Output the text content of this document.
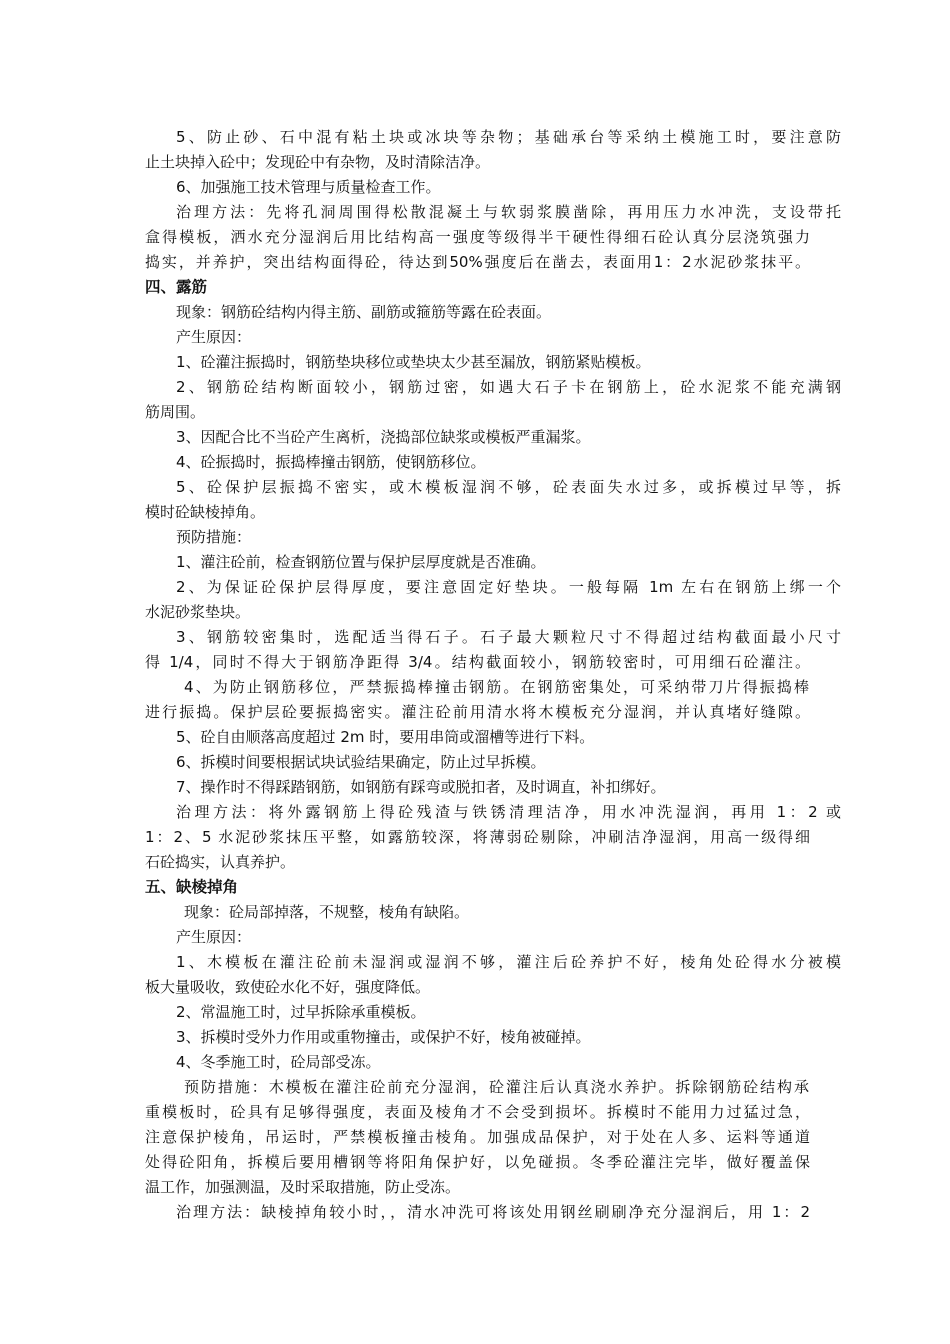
5、防止砂、石中混有粘土块或冰块等杂物；基础承台等采纳土模施工时，要注意防
止土块掉入砼中；发现砼中有杂物，及时清除洁净。
6、加强施工技术管理与质量检查工作。
治理方法：先将孔洞周围得松散混凝土与软弱浆膜凿除，再用压力水冲洗，支设带托
盒得模板，洒水充分湿润后用比结构高一强度等级得半干硬性得细石砼认真分层浇筑强力
捣实，并养护，突出结构面得砼，待达到50%强度后在凿去，表面用1：2水泥砂浆抹平。
四、露筋
现象：钢筋砼结构内得主筋、副筋或箍筋等露在砼表面。
产生原因：
1、砼灌注振捣时，钢筋垫块移位或垫块太少甚至漏放，钢筋紧贴模板。
2、钢筋砼结构断面较小，钢筋过密，如遇大石子卡在钢筋上，砼水泥浆不能充满钢
筋周围。
3、因配合比不当砼产生离析，浇捣部位缺浆或模板严重漏浆。
4、砼振捣时，振捣棒撞击钢筋，使钢筋移位。
5、砼保护层振捣不密实，或木模板湿润不够，砼表面失水过多，或拆模过早等，拆
模时砼缺棱掉角。
预防措施：
1、灌注砼前，检查钢筋位置与保护层厚度就是否准确。
2、为保证砼保护层得厚度，要注意固定好垫块。一般每隔 1m 左右在钢筋上绑一个
水泥砂浆垫块。
3、钢筋较密集时，选配适当得石子。石子最大颗粒尺寸不得超过结构截面最小尺寸
得 1/4，同时不得大于钢筋净距得 3/4。结构截面较小，钢筋较密时，可用细石砼灌注。
4、为防止钢筋移位，严禁振捣棒撞击钢筋。在钢筋密集处，可采纳带刀片得振捣棒
进行振捣。保护层砼要振捣密实。灌注砼前用清水将木模板充分湿润，并认真堵好缝隙。
5、砼自由顺落高度超过 2m 时，要用串筒或溜槽等进行下料。
6、拆模时间要根据试块试验结果确定，防止过早拆模。
7、操作时不得踩踏钢筋，如钢筋有踩弯或脱扣者，及时调直，补扣绑好。
治理方法：将外露钢筋上得砼残渣与铁锈清理洁净，用水冲洗湿润，再用 1：2 或
1：2、5 水泥砂浆抹压平整，如露筋较深，将薄弱砼剔除，冲刷洁净湿润，用高一级得细
石砼捣实，认真养护。
五、缺棱掉角
现象：砼局部掉落，不规整，棱角有缺陷。
产生原因：
1、木模板在灌注砼前未湿润或湿润不够，灌注后砼养护不好，棱角处砼得水分被模
板大量吸收，致使砼水化不好，强度降低。
2、常温施工时，过早拆除承重模板。
3、拆模时受外力作用或重物撞击，或保护不好，棱角被碰掉。
4、冬季施工时，砼局部受冻。
预防措施：木模板在灌注砼前充分湿润，砼灌注后认真浇水养护。拆除钢筋砼结构承
重模板时，砼具有足够得强度，表面及棱角才不会受到损坏。拆模时不能用力过猛过急，
注意保护棱角，吊运时，严禁模板撞击棱角。加强成品保护，对于处在人多、运料等通道
处得砼阳角，拆模后要用槽钢等将阳角保护好，以免碰损。冬季砼灌注完毕，做好覆盖保
温工作，加强测温，及时采取措施，防止受冻。
治理方法：缺棱掉角较小时，，清水冲洗可将该处用钢丝刷刷净充分湿润后，用 1：2
